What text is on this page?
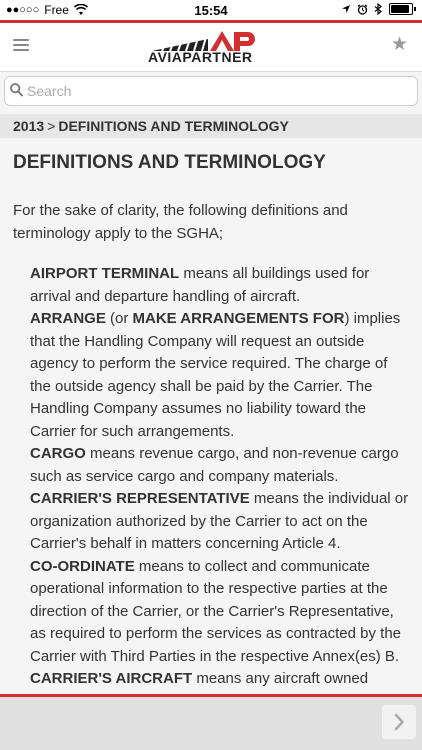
●●○○○ Free	15:54
AVIAPARTNER
★
Search
2013 > DEFINITIONS AND TERMINOLOGY
DEFINITIONS AND TERMINOLOGY

For the sake of clarity, the following definitions and terminology apply to the SGHA;

AIRPORT TERMINAL means all buildings used for arrival and departure handling of aircraft.

ARRANGE (or MAKE ARRANGEMENTS FOR) implies that the Handling Company will request an outside agency to perform the service required. The charge of the outside agency shall be paid by the Carrier. The Handling Company assumes no liability toward the Carrier for such arrangements.

CARGO means revenue cargo, and non-revenue cargo such as service cargo and company materials.

CARRIER'S REPRESENTATIVE means the individual or organization authorized by the Carrier to act on the Carrier's behalf in matters concerning Article 4.

CO-ORDINATE means to collect and communicate operational information to the respective parties at the direction of the Carrier, or the Carrier's Representative, as required to perform the services as contracted by the Carrier with Third Parties in the respective Annex(es) B.

CARRIER'S AIRCRAFT means any aircraft owned
